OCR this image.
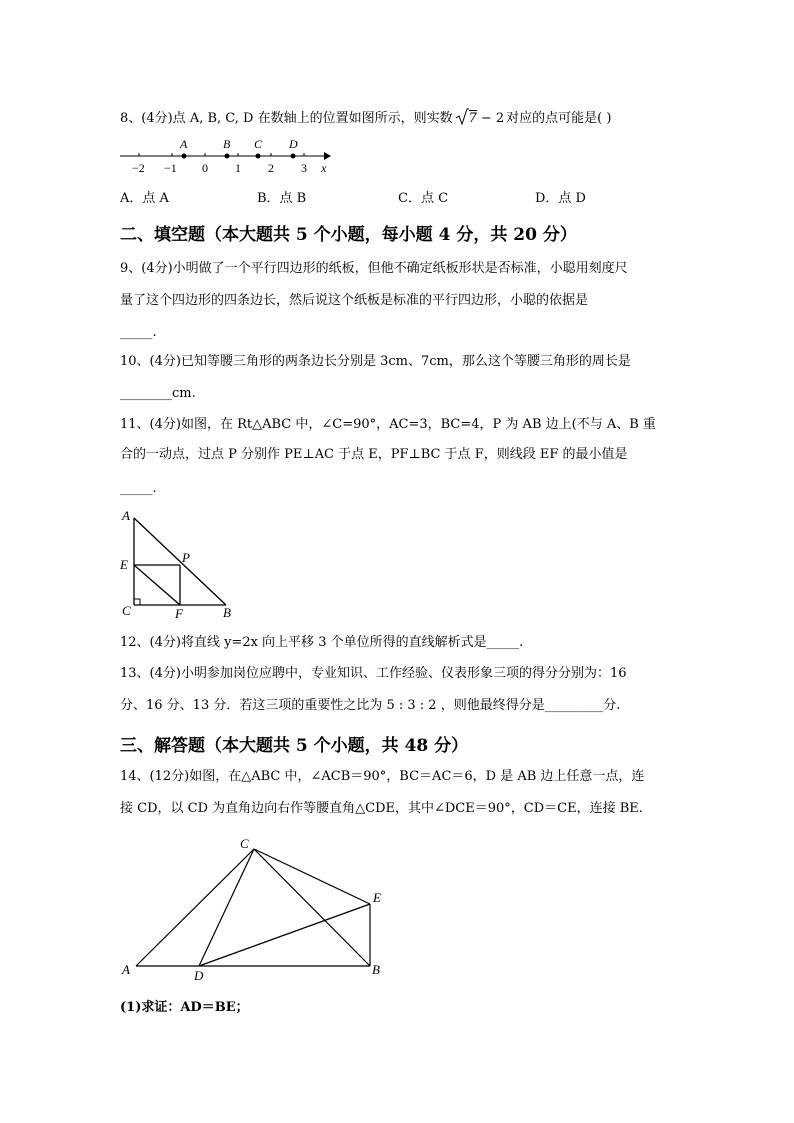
8、(4分)点 A, B, C, D 在数轴上的位置如图所示，则实数 7 − 2 对应的点可能是( )
A	B C D
−2 −1 0 1 2 3 x
A．点 A	B．点 B	C．点 C	D．点 D
二、填空题（本大题共 5 个小题，每小题 4 分，共 20 分）
9、(4分)小明做了一个平行四边形的纸板，但他不确定纸板形状是否标准，小聪用刻度尺
量了这个四边形的四条边长，然后说这个纸板是标准的平行四边形，小聪的依据是
_____.
10、(4分)已知等腰三角形的两条边长分别是 3cm、7cm，那么这个等腰三角形的周长是
________cm.
11、(4分)如图，在 Rt△ABC 中，∠C=90°，AC=3，BC=4，P 为 AB 边上(不与 A、B 重
合的一动点，过点 P 分别作 PE⊥AC 于点 E，PF⊥BC 于点 F，则线段 EF 的最小值是
_____.
A
E	P
C	F	B
12、(4分)将直线 y=2x 向上平移 3 个单位所得的直线解析式是_____.
13、(4分)小明参加岗位应聘中，专业知识、工作经验、仪表形象三项的得分分别为：16
分、16 分、13 分．若这三项的重要性之比为 5 : 3 : 2 ，则他最终得分是_________分.
三、解答题（本大题共 5 个小题，共 48 分）
14、(12分)如图，在△ABC 中，∠ACB＝90°，BC＝AC＝6，D 是 AB 边上任意一点，连
接 CD，以 CD 为直角边向右作等腰直角△CDE，其中∠DCE＝90°，CD＝CE，连接 BE.
C
E
A	D	B
(1)求证：AD＝BE；
